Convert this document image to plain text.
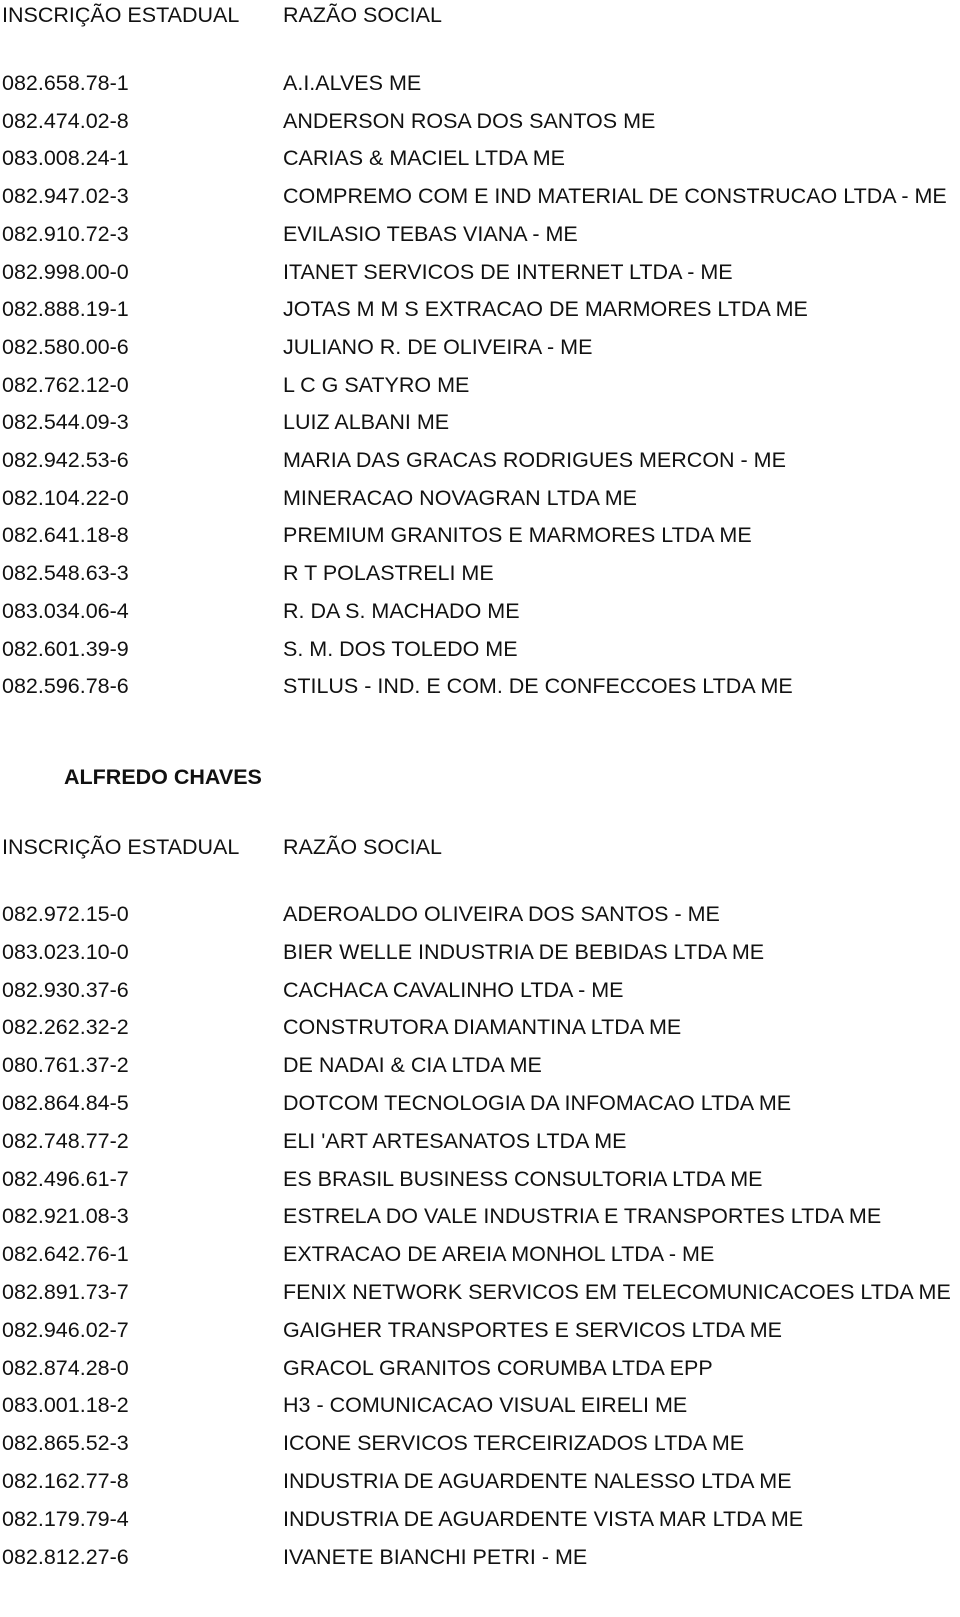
INSCRIÇÃO ESTADUAL RAZÃO SOCIAL
082.658.78-1	A.I.ALVES ME
082.474.02-8	ANDERSON ROSA DOS SANTOS ME
083.008.24-1	CARIAS & MACIEL LTDA ME
082.947.02-3	COMPREMO COM E IND MATERIAL DE CONSTRUCAO LTDA - ME
082.910.72-3	EVILASIO TEBAS VIANA - ME
082.998.00-0	ITANET SERVICOS DE INTERNET LTDA - ME
082.888.19-1	JOTAS M M S EXTRACAO DE MARMORES LTDA ME
082.580.00-6	JULIANO R. DE OLIVEIRA - ME
082.762.12-0	L C G SATYRO ME
082.544.09-3	LUIZ ALBANI ME
082.942.53-6	MARIA DAS GRACAS RODRIGUES MERCON - ME
082.104.22-0	MINERACAO NOVAGRAN LTDA ME
082.641.18-8	PREMIUM GRANITOS E MARMORES LTDA ME
082.548.63-3	R T POLASTRELI ME
083.034.06-4	R. DA S. MACHADO ME
082.601.39-9	S. M. DOS TOLEDO ME
082.596.78-6	STILUS - IND. E COM. DE CONFECCOES LTDA ME
ALFREDO CHAVES
INSCRIÇÃO ESTADUAL RAZÃO SOCIAL
082.972.15-0	ADEROALDO OLIVEIRA DOS SANTOS - ME
083.023.10-0	BIER WELLE INDUSTRIA DE BEBIDAS LTDA ME
082.930.37-6	CACHACA CAVALINHO LTDA - ME
082.262.32-2	CONSTRUTORA DIAMANTINA LTDA ME
080.761.37-2	DE NADAI & CIA LTDA ME
082.864.84-5	DOTCOM TECNOLOGIA DA INFOMACAO LTDA ME
082.748.77-2	ELI 'ART ARTESANATOS LTDA ME
082.496.61-7	ES BRASIL BUSINESS CONSULTORIA LTDA ME
082.921.08-3	ESTRELA DO VALE INDUSTRIA E TRANSPORTES LTDA ME
082.642.76-1	EXTRACAO DE AREIA MONHOL LTDA - ME
082.891.73-7	FENIX NETWORK SERVICOS EM TELECOMUNICACOES LTDA ME
082.946.02-7	GAIGHER TRANSPORTES E SERVICOS LTDA ME
082.874.28-0	GRACOL GRANITOS CORUMBA LTDA EPP
083.001.18-2	H3 - COMUNICACAO VISUAL EIRELI ME
082.865.52-3	ICONE SERVICOS TERCEIRIZADOS LTDA ME
082.162.77-8	INDUSTRIA DE AGUARDENTE NALESSO LTDA ME
082.179.79-4	INDUSTRIA DE AGUARDENTE VISTA MAR LTDA ME
082.812.27-6	IVANETE BIANCHI PETRI - ME
